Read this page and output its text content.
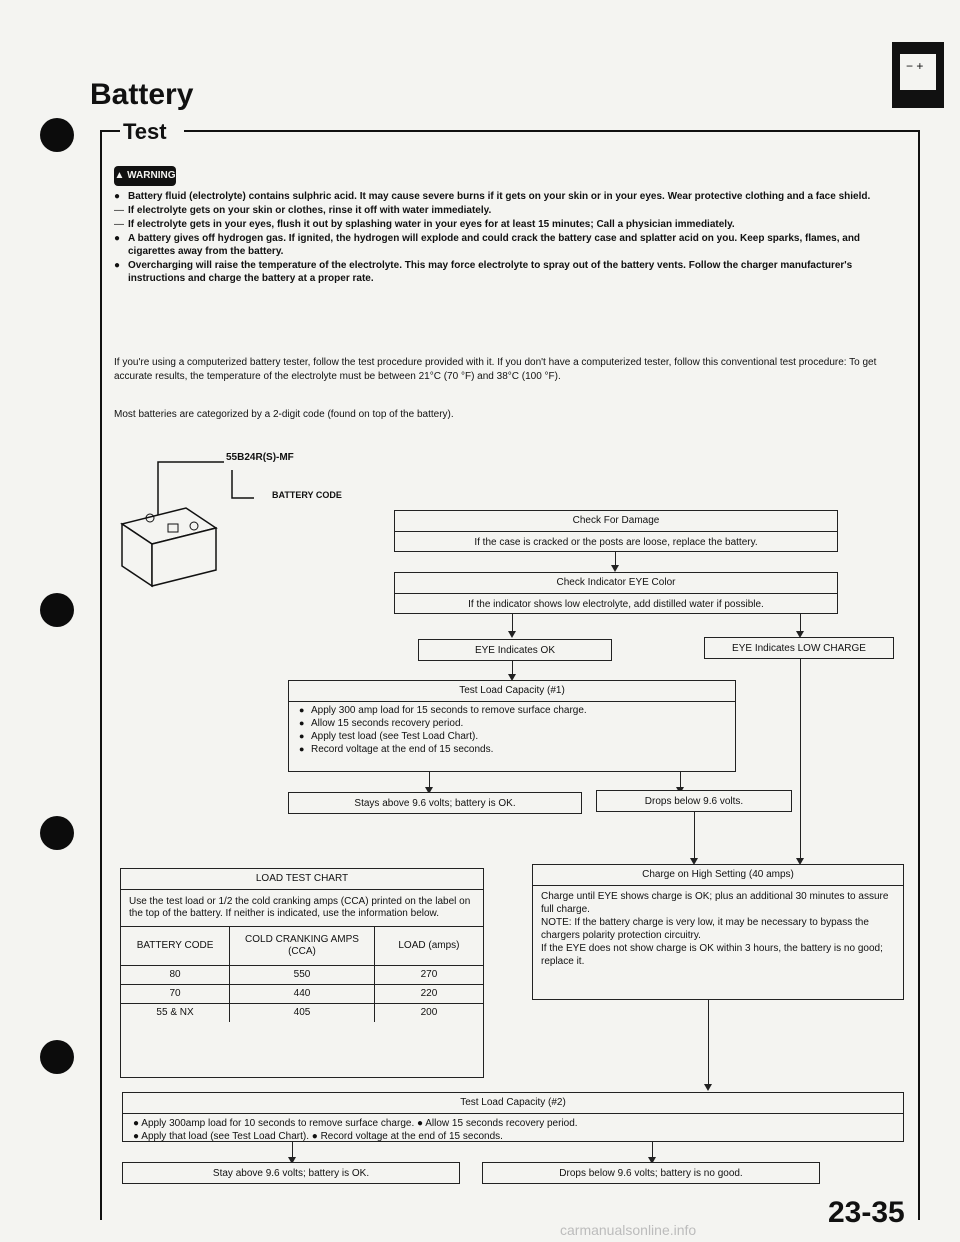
Battery
− +
Test
▲ WARNING
● Battery fluid (electrolyte) contains sulphric acid. It may cause severe burns if it gets on your skin or in your eyes. Wear protective clothing and a face shield.
— If electrolyte gets on your skin or clothes, rinse it off with water immediately.
— If electrolyte gets in your eyes, flush it out by splashing water in your eyes for at least 15 minutes; Call a physician immediately.
● A battery gives off hydrogen gas. If ignited, the hydrogen will explode and could crack the battery case and splatter acid on you. Keep sparks, flames, and cigarettes away from the battery.
● Overcharging will raise the temperature of the electrolyte. This may force electrolyte to spray out of the battery vents. Follow the charger manufacturer's instructions and charge the battery at a proper rate.
If you're using a computerized battery tester, follow the test procedure provided with it. If you don't have a computerized tester, follow this conventional test procedure: To get accurate results, the temperature of the electrolyte must be between 21°C (70 °F) and 38°C (100 °F).
Most batteries are categorized by a 2-digit code (found on top of the battery).
55B24R(S)-MF
BATTERY CODE
Check For Damage
If the case is cracked or the posts are loose, replace the battery.
Check Indicator EYE Color
If the indicator shows low electrolyte, add distilled water if possible.
EYE Indicates OK	EYE Indicates LOW CHARGE
Test Load Capacity (#1)
● Apply 300 amp load for 15 seconds to remove surface charge.
● Allow 15 seconds recovery period.
● Apply test load (see Test Load Chart).
● Record voltage at the end of 15 seconds.
Stays above 9.6 volts; battery is OK.	Drops below 9.6 volts.
LOAD TEST CHART
Use the test load or 1/2 the cold cranking amps (CCA) printed on the label on the top of the battery. If neither is indicated, use the information below.
BATTERY CODE	COLD CRANKING AMPS (CCA)	LOAD (amps)
80	550	270
70	440	220
55 & NX	405	200
Charge on High Setting (40 amps)
Charge until EYE shows charge is OK; plus an additional 30 minutes to assure full charge.
NOTE: If the battery charge is very low, it may be necessary to bypass the chargers polarity protection circuitry.
If the EYE does not show charge is OK within 3 hours, the battery is no good; replace it.
Test Load Capacity (#2)
● Apply 300amp load for 10 seconds to remove surface charge. ● Allow 15 seconds recovery period.
● Apply that load (see Test Load Chart). ● Record voltage at the end of 15 seconds.
Stay above 9.6 volts; battery is OK.	Drops below 9.6 volts; battery is no good.
23-35
carmanualsonline.info
